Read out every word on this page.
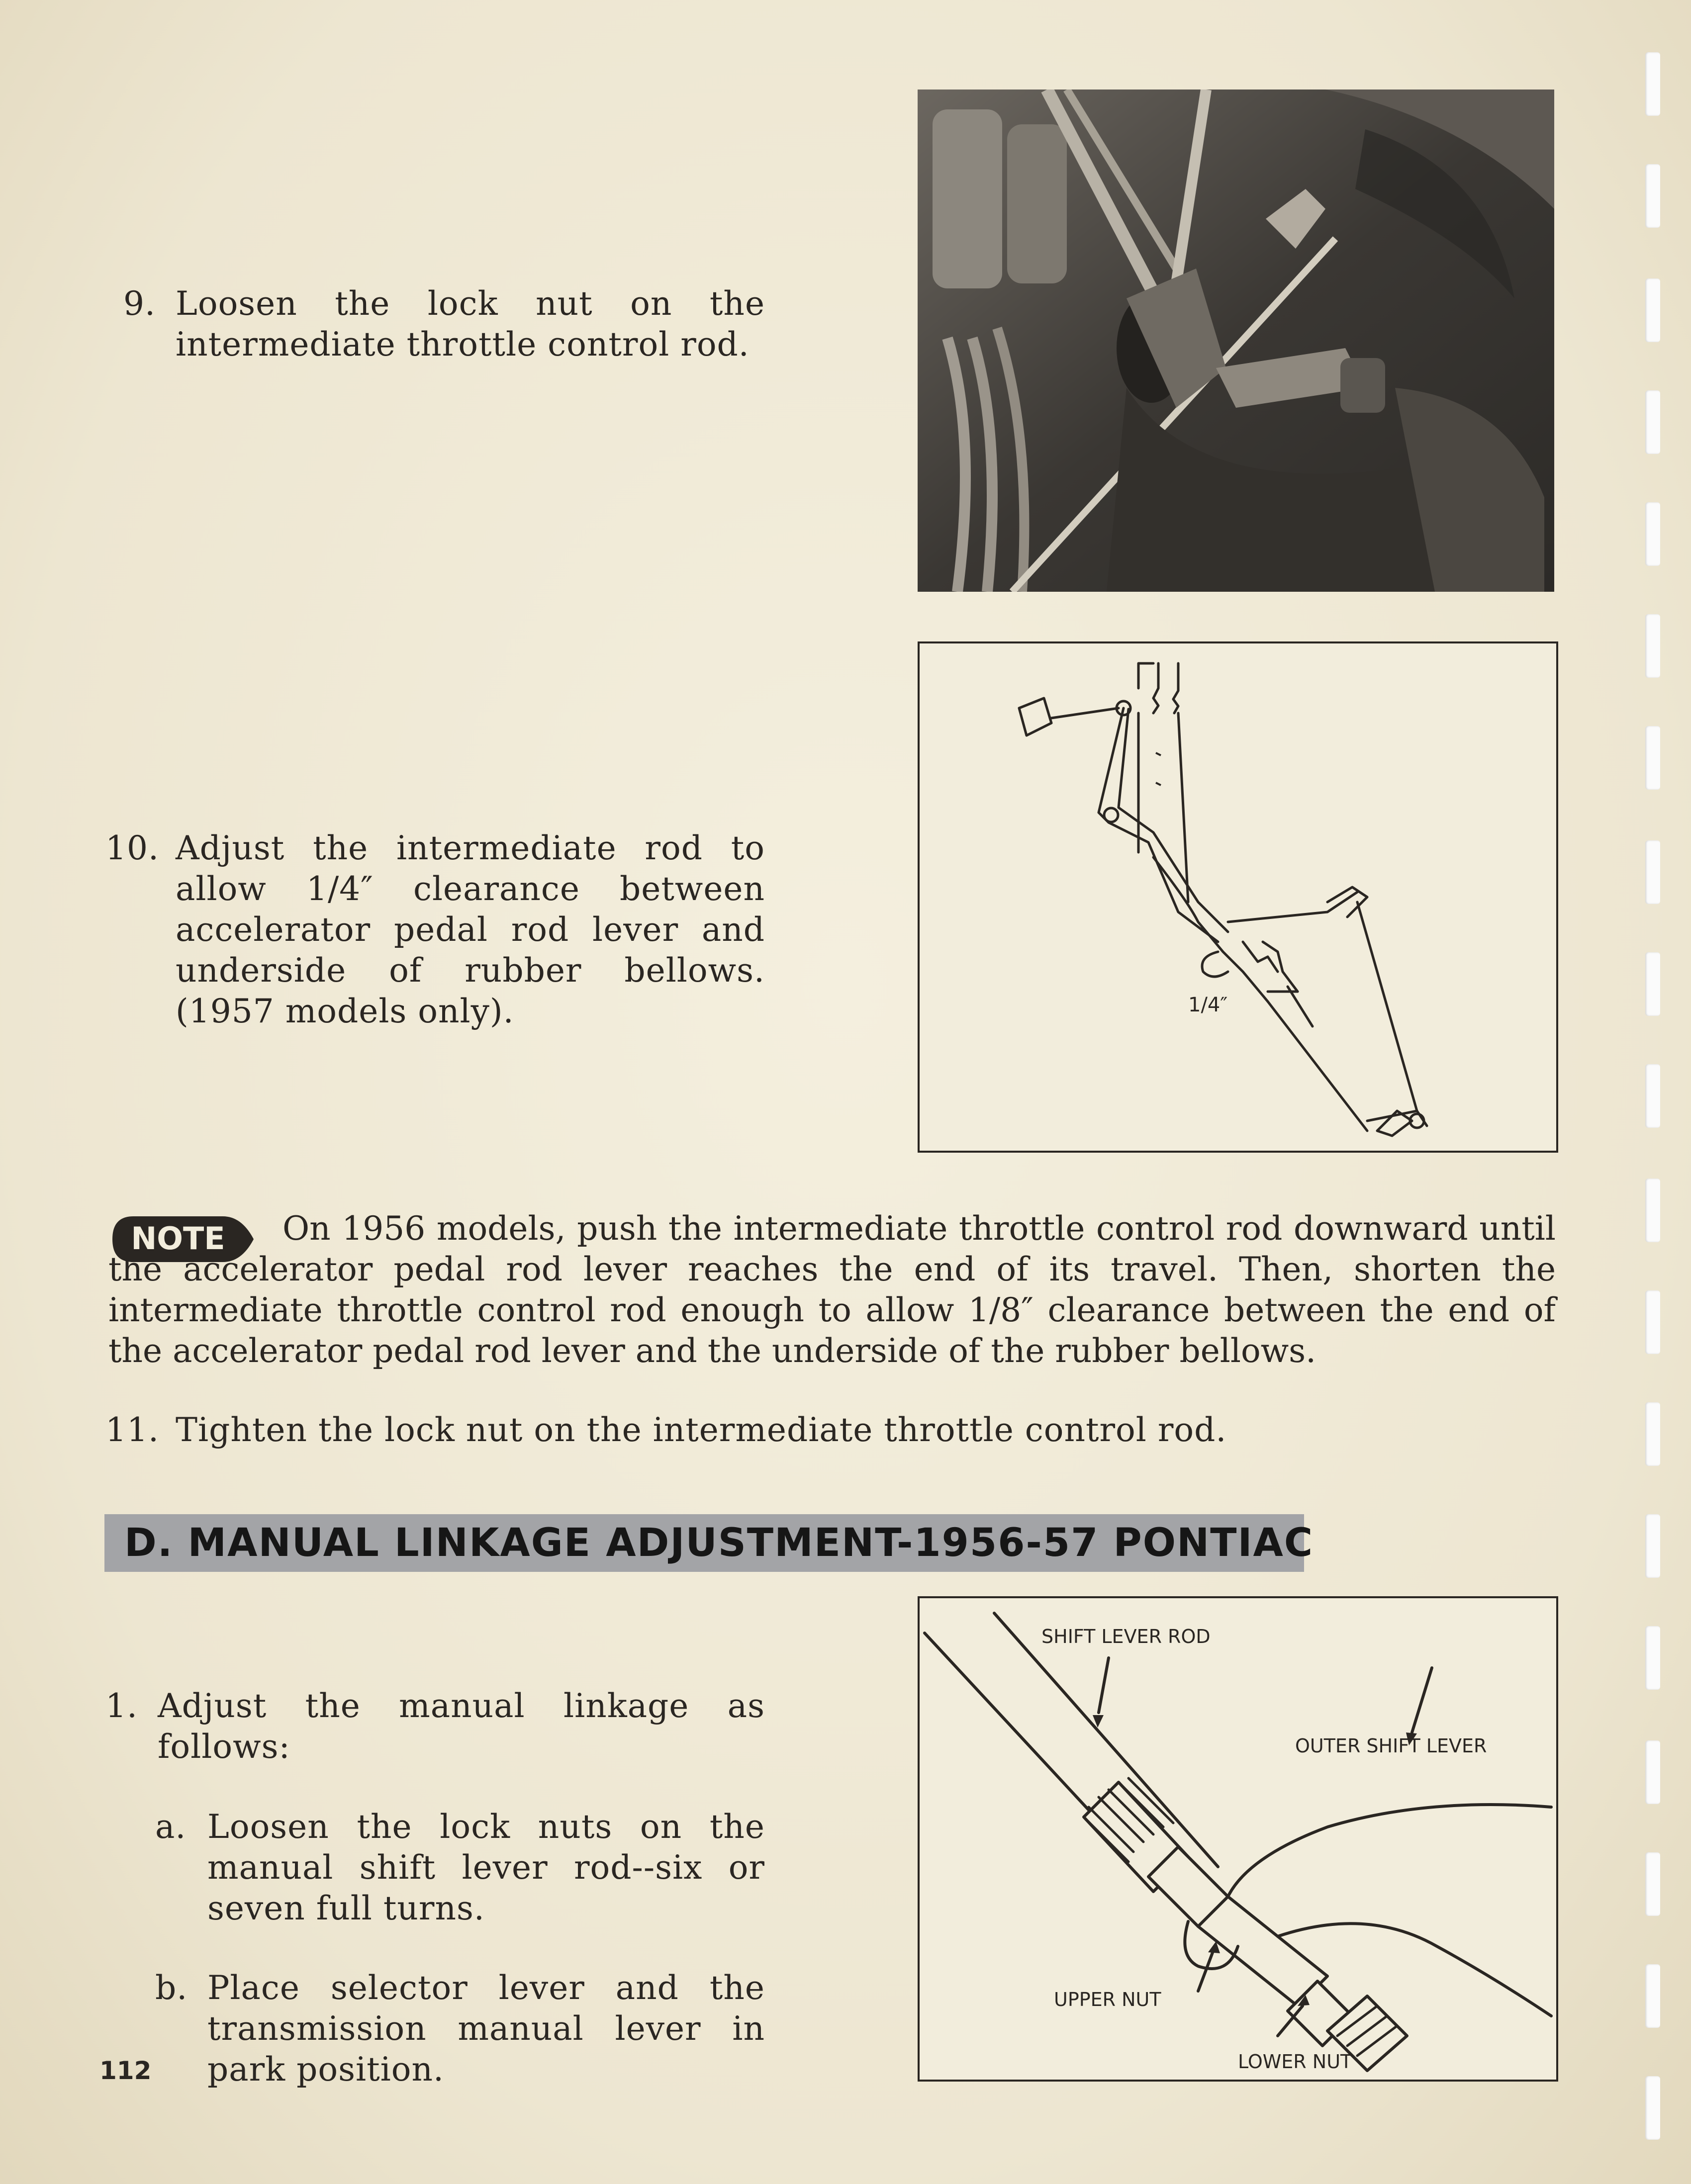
9. Loosen the lock nut on the intermediate throttle control rod.
1/4″
10. Adjust the intermediate rod to allow 1/4″ clearance between accelerator pedal rod lever and underside of rubber bellows. (1957 models only).
NOTE	On 1956 models, push the intermediate throttle control rod downward until the accelerator pedal rod lever reaches the end of its travel. Then, shorten the intermediate throttle control rod enough to allow 1/8″ clearance between the end of the accelerator pedal rod lever and the underside of the rubber bellows.
11. Tighten the lock nut on the intermediate throttle control rod.
D. MANUAL LINKAGE ADJUSTMENT-1956-57 PONTIAC
SHIFT LEVER ROD
OUTER SHIFT LEVER
UPPER NUT
LOWER NUT
1. Adjust the manual linkage as follows:
a. Loosen the lock nuts on the manual shift lever rod--six or seven full turns.
b. Place selector lever and the transmission manual lever in park position.
112
